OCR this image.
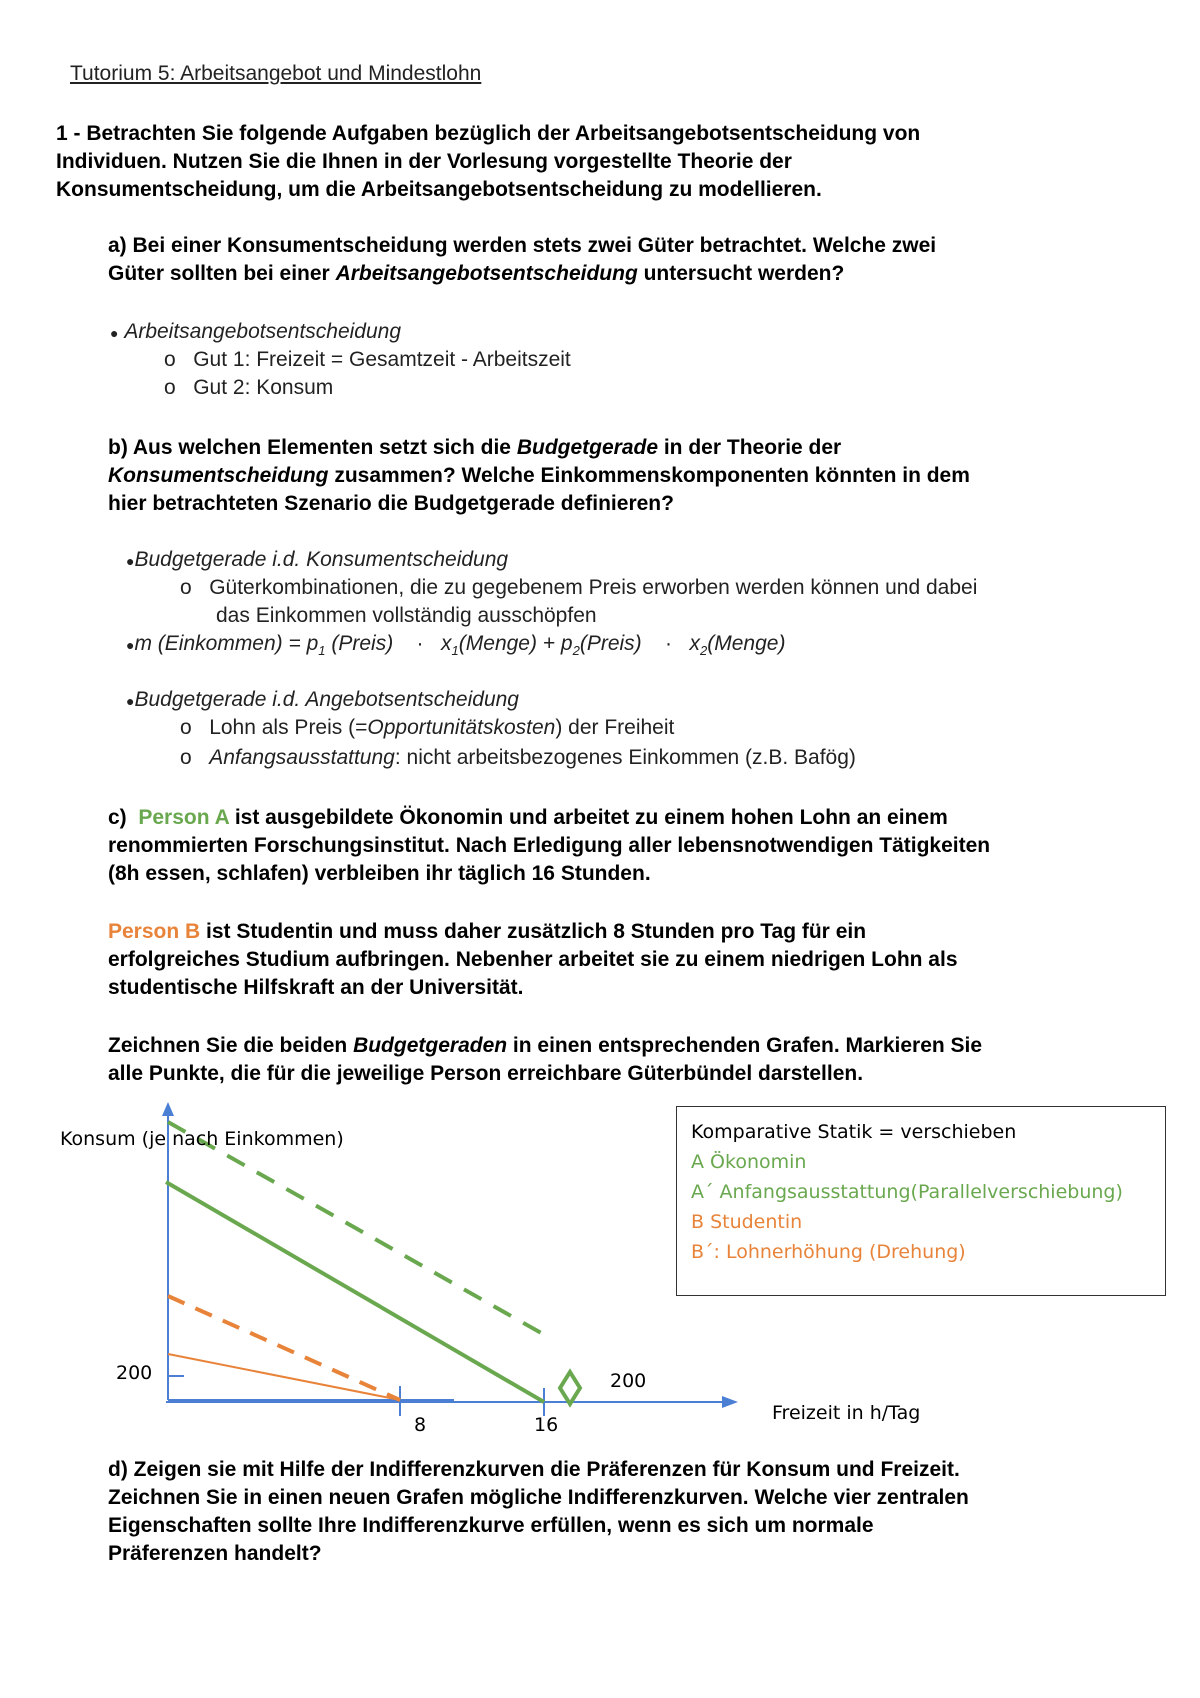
Tutorium 5: Arbeitsangebot und Mindestlohn
1 - Betrachten Sie folgende Aufgaben bezüglich der Arbeitsangebotsentscheidung von
Individuen. Nutzen Sie die Ihnen in der Vorlesung vorgestellte Theorie der
Konsumentscheidung, um die Arbeitsangebotsentscheidung zu modellieren.
a) Bei einer Konsumentscheidung werden stets zwei Güter betrachtet. Welche zwei
Güter sollten bei einer Arbeitsangebotsentscheidung untersucht werden?
● Arbeitsangebotsentscheidung
o Gut 1: Freizeit = Gesamtzeit - Arbeitszeit
o Gut 2: Konsum
b) Aus welchen Elementen setzt sich die Budgetgerade in der Theorie der
Konsumentscheidung zusammen? Welche Einkommenskomponenten könnten in dem
hier betrachteten Szenario die Budgetgerade definieren?
●Budgetgerade i.d. Konsumentscheidung
o Güterkombinationen, die zu gegebenem Preis erworben werden können und dabei
das Einkommen vollständig ausschöpfen
●m (Einkommen) = $p_1$ (Preis) · $x_1(Menge)$ + $p_2(Preis)$ · $x_2(Menge)$
●Budgetgerade i.d. Angebotsentscheidung
o Lohn als Preis (=Opportunitätskosten) der Freiheit
o Anfangsausstattung: nicht arbeitsbezogenes Einkommen (z.B. Bafög)
c) Person A ist ausgebildete Ökonomin und arbeitet zu einem hohen Lohn an einem
renommierten Forschungsinstitut. Nach Erledigung aller lebensnotwendigen Tätigkeiten
(8h essen, schlafen) verbleiben ihr täglich 16 Stunden.
Person B ist Studentin und muss daher zusätzlich 8 Stunden pro Tag für ein
erfolgreiches Studium aufbringen. Nebenher arbeitet sie zu einem niedrigen Lohn als
studentische Hilfskraft an der Universität.
Zeichnen Sie die beiden Budgetgeraden in einen entsprechenden Grafen. Markieren Sie
alle Punkte, die für die jeweilige Person erreichbare Güterbündel darstellen.
Konsum (je nach Einkommen)
200
8	16
200
Freizeit in h/Tag
Komparative Statik = verschieben
A Ökonomin
A´ Anfangsausstattung(Parallelverschiebung)
B Studentin
B´: Lohnerhöhung (Drehung)
d) Zeigen sie mit Hilfe der Indifferenzkurven die Präferenzen für Konsum und Freizeit.
Zeichnen Sie in einen neuen Grafen mögliche Indifferenzkurven. Welche vier zentralen
Eigenschaften sollte Ihre Indifferenzkurve erfüllen, wenn es sich um normale
Präferenzen handelt?
